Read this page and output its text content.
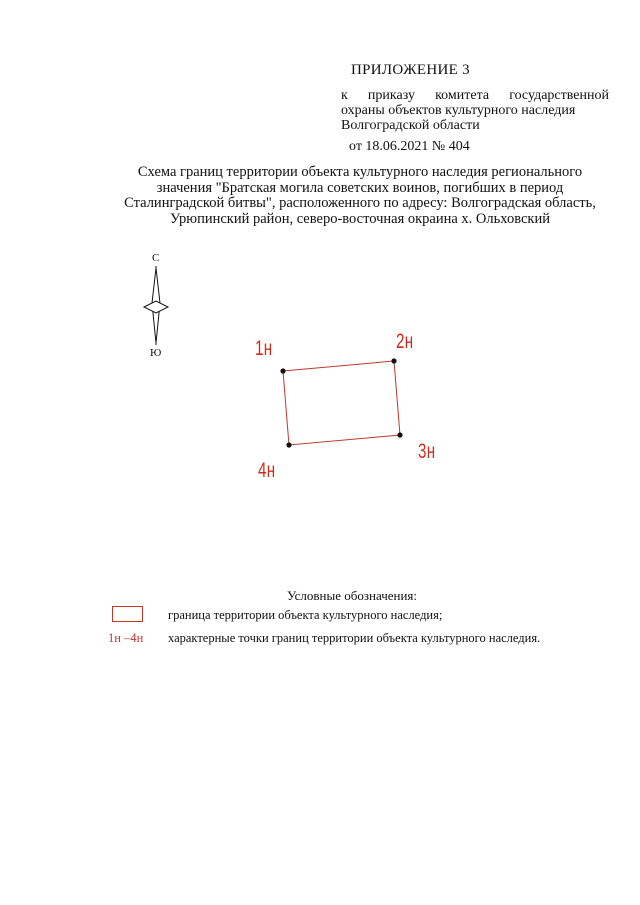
ПРИЛОЖЕНИЕ 3
к приказу комитета государственной
охраны объектов культурного наследия
Волгоградской области
от 18.06.2021 № 404
Схема границ территории объекта культурного наследия регионального
значения "Братская могила советских воинов, погибших в период
Сталинградской битвы", расположенного по адресу: Волгоградская область,
Урюпинский район, северо-восточная окраина х. Ольховский
С
Ю	1н	2н
3н
4н
Условные обозначения:
граница территории объекта культурного наследия;
1н –4н характерные точки границ территории объекта культурного наследия.
